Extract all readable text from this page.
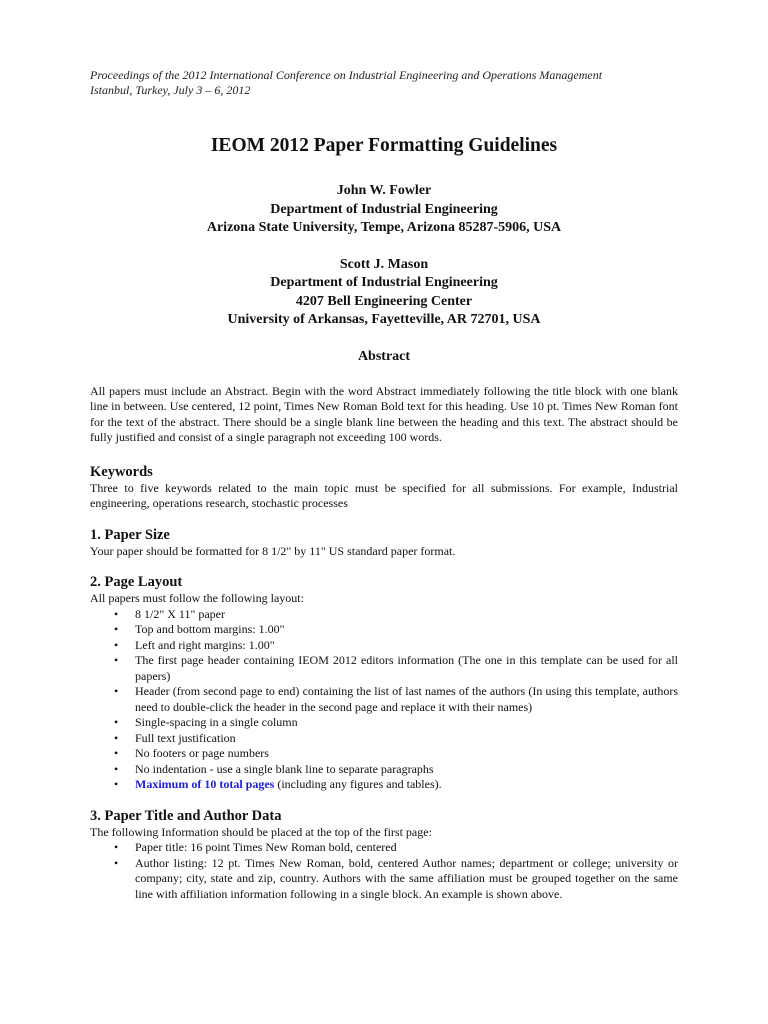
Proceedings of the 2012 International Conference on Industrial Engineering and Operations Management
Istanbul, Turkey, July 3 – 6, 2012
IEOM 2012 Paper Formatting Guidelines
John W. Fowler
Department of Industrial Engineering
Arizona State University, Tempe, Arizona 85287-5906, USA
Scott J. Mason
Department of Industrial Engineering
4207 Bell Engineering Center
University of Arkansas, Fayetteville, AR 72701, USA
Abstract

All papers must include an Abstract. Begin with the word Abstract immediately following the title block with one blank line in between. Use centered, 12 point, Times New Roman Bold text for this heading. Use 10 pt. Times New Roman font for the text of the abstract. There should be a single blank line between the heading and this text. The abstract should be fully justified and consist of a single paragraph not exceeding 100 words.

Keywords

Three to five keywords related to the main topic must be specified for all submissions. For example, Industrial engineering, operations research, stochastic processes

1. Paper Size

Your paper should be formatted for 8 1/2" by 11" US standard paper format.

2. Page Layout

All papers must follow the following layout:

• 8 1/2" X 11" paper
• Top and bottom margins: 1.00"
• Left and right margins: 1.00"
• The first page header containing IEOM 2012 editors information (The one in this template can be used for all papers)
• Header (from second page to end) containing the list of last names of the authors (In using this template, authors need to double-click the header in the second page and replace it with their names)
• Single-spacing in a single column
• Full text justification
• No footers or page numbers
• No indentation - use a single blank line to separate paragraphs
• Maximum of 10 total pages (including any figures and tables).
3. Paper Title and Author Data

The following Information should be placed at the top of the first page:

• Paper title: 16 point Times New Roman bold, centered
• Author listing: 12 pt. Times New Roman, bold, centered Author names; department or college; university or company; city, state and zip, country. Authors with the same affiliation must be grouped together on the same line with affiliation information following in a single block. An example is shown above.
